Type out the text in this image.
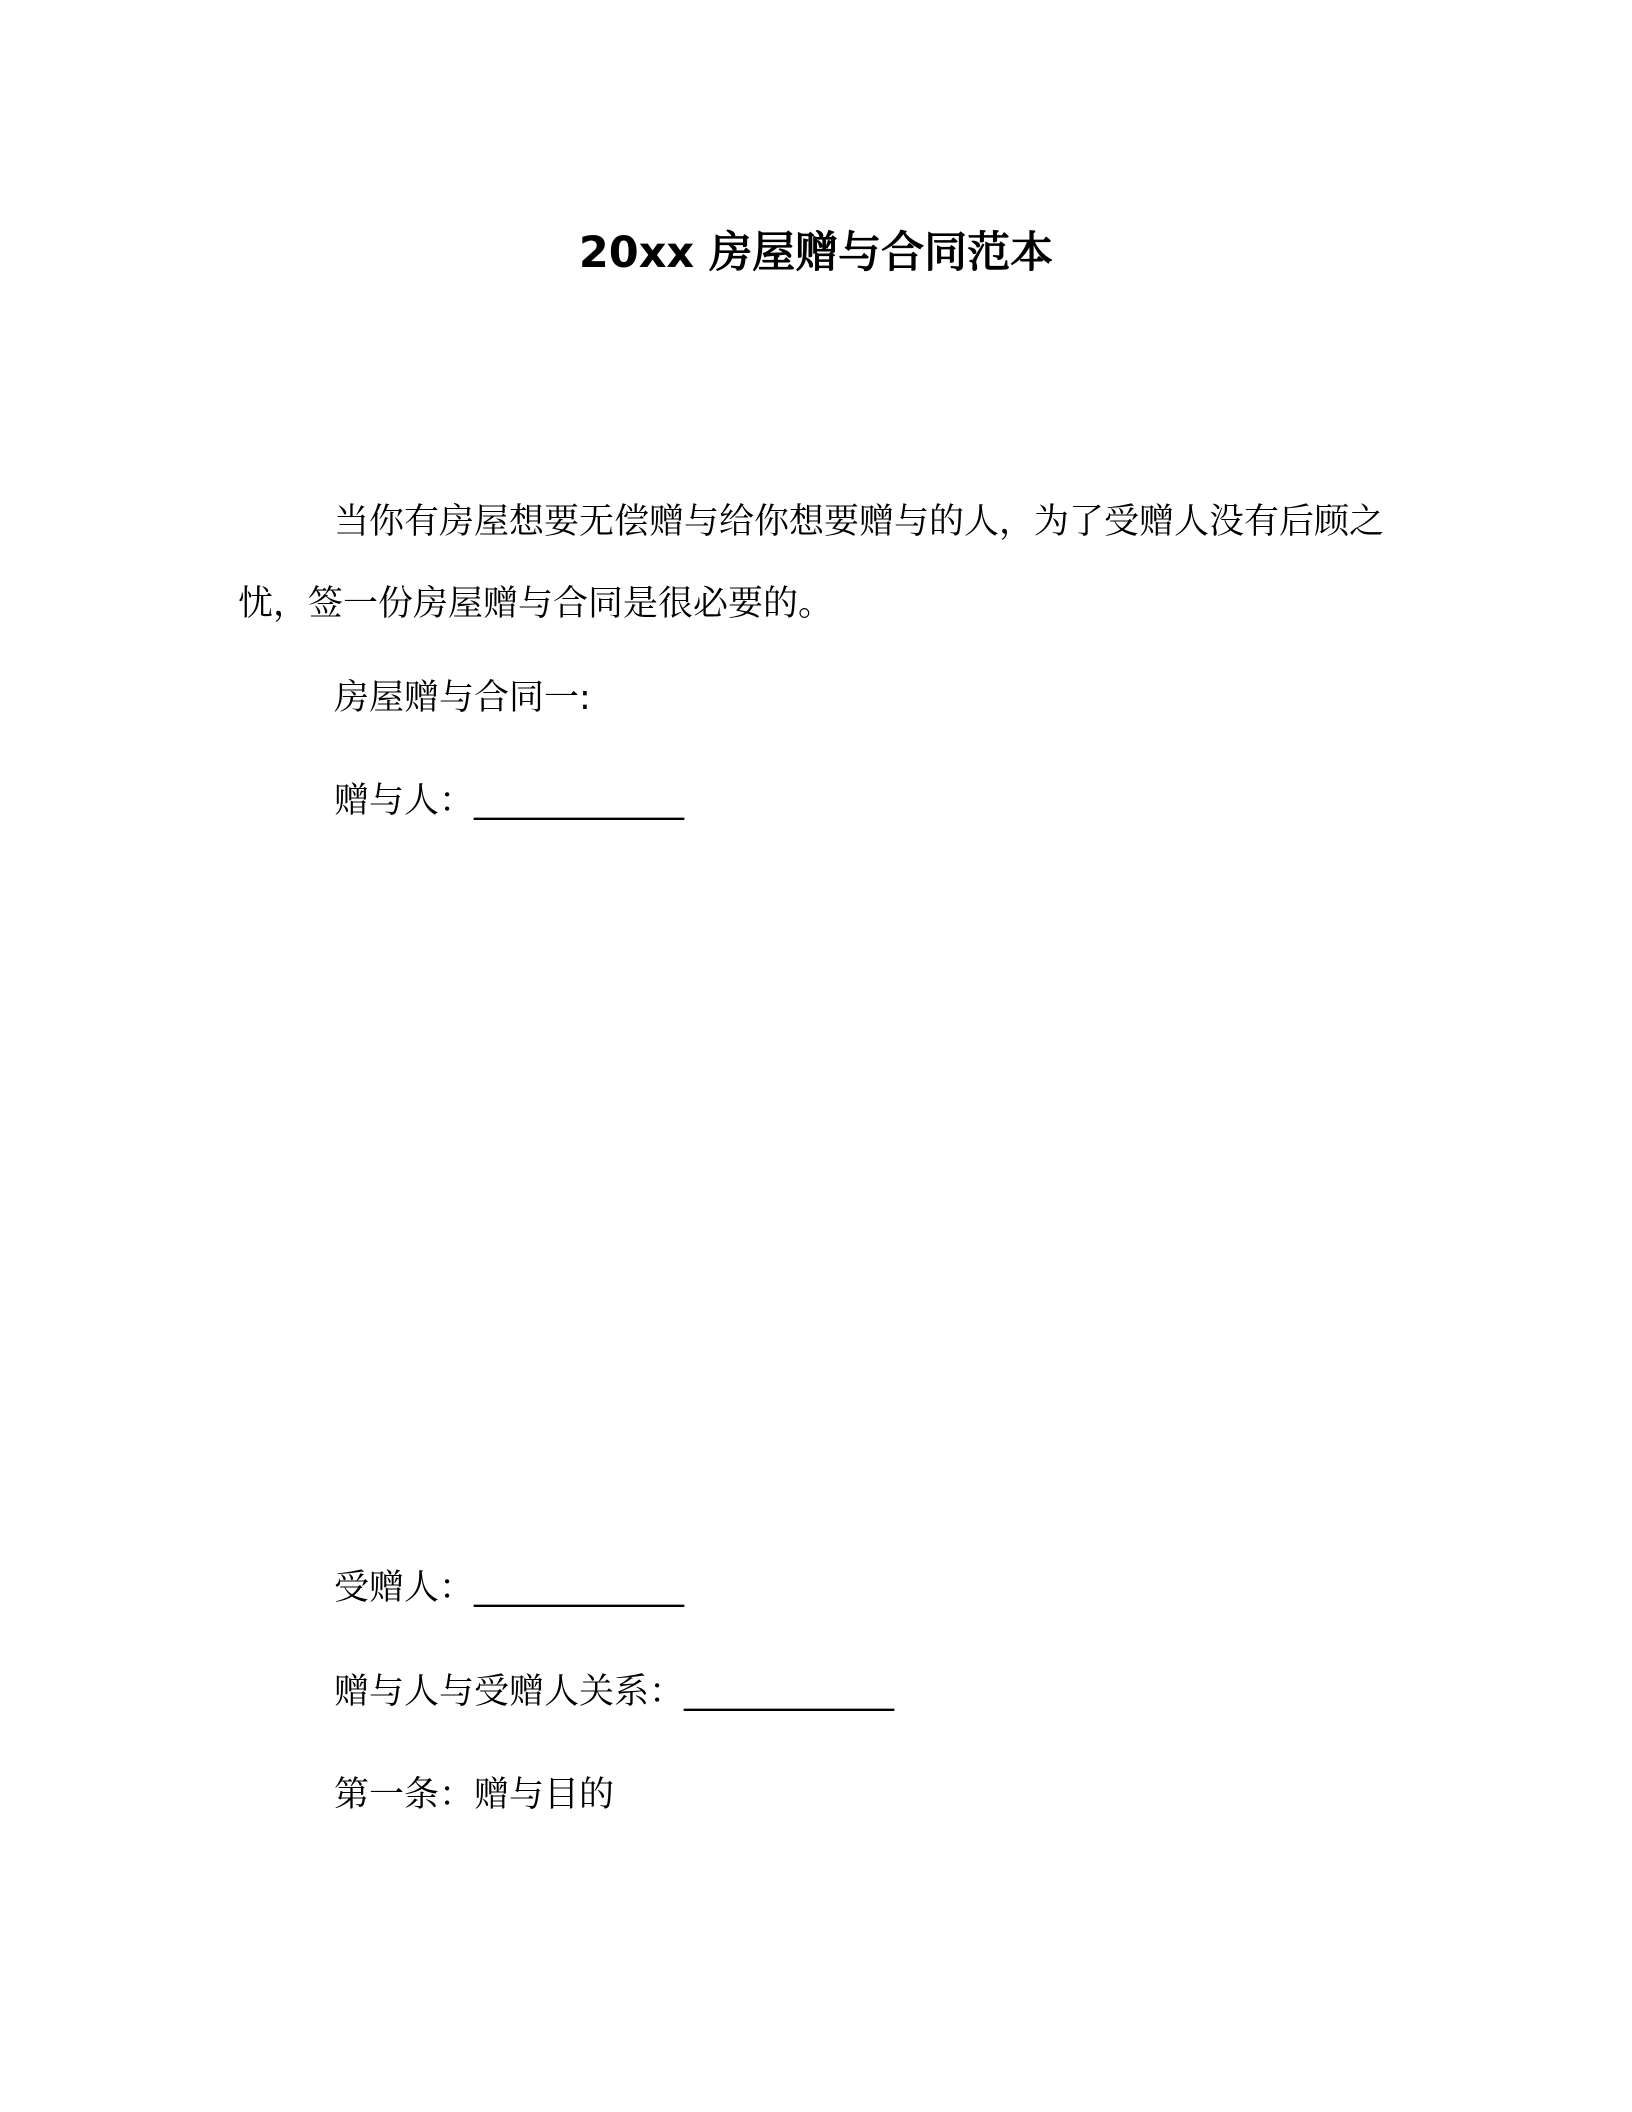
20xx 房屋赠与合同范本
当你有房屋想要无偿赠与给你想要赠与的人，为了受赠人没有后顾之忧，签一份房屋赠与合同是很必要的。
房屋赠与合同一:
赠与人：____________
受赠人：____________
赠与人与受赠人关系：____________
第一条：赠与目的
